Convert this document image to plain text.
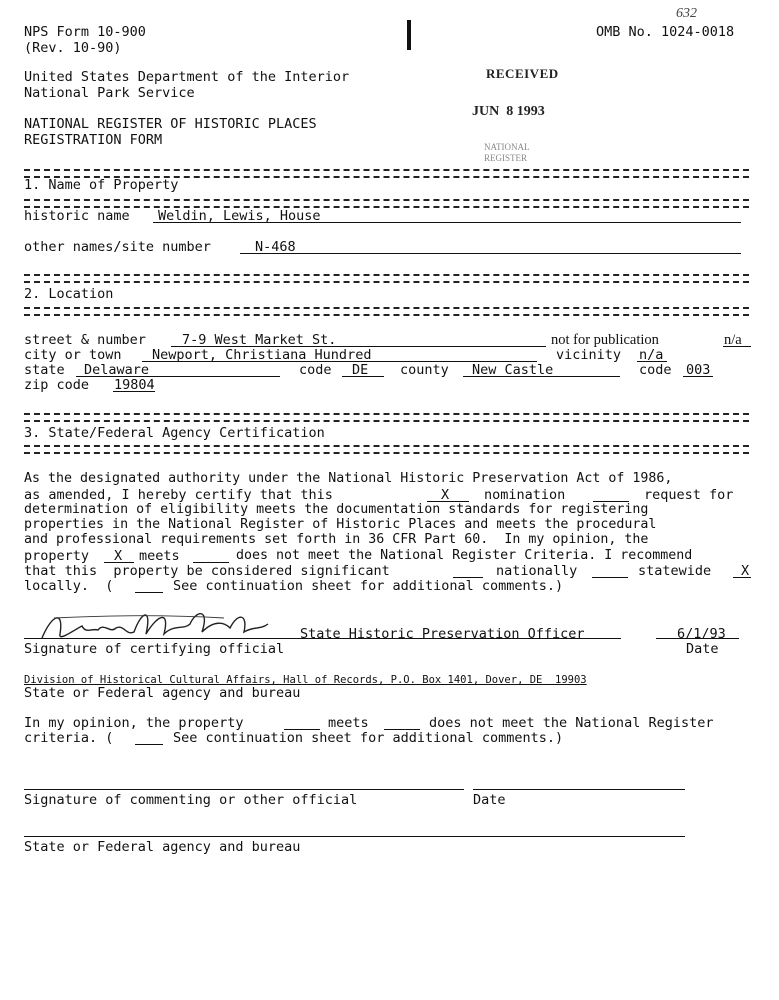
NPS Form 10-900
(Rev. 10-90)
OMB No. 1024-0018
632
United States Department of the Interior
National Park Service
NATIONAL REGISTER OF HISTORIC PLACES
REGISTRATION FORM
RECEIVED
JUN  8 1993
NATIONAL
REGISTER
1. Name of Property
historic name Weldin, Lewis, House
other names/site number	N-468
2. Location
street & number	7-9 West Market St.	not for publication	n/a
city or town Newport, Christiana Hundred	vicinity n/a
state Delaware	code DE county New Castle	code 003
zip code 19804
3. State/Federal Agency Certification
As the designated authority under the National Historic Preservation Act of 1986,
as amended, I hereby certify that this	X	nomination	request for
determination of eligibility meets the documentation standards for registering
properties in the National Register of Historic Places and meets the procedural
and professional requirements set forth in 36 CFR Part 60.  In my opinion, the
property X meets	does not meet the National Register Criteria. I recommend
that this  property be considered significant	nationally	statewide X
locally.  (	See continuation sheet for additional comments.)
State Historic Preservation Officer	6/1/93
Signature of certifying official	Date
Division of Historical Cultural Affairs, Hall of Records, P.O. Box 1401, Dover, DE  19903
State or Federal agency and bureau
In my opinion, the property	meets	does not meet the National Register
criteria. (	See continuation sheet for additional comments.)
Signature of commenting or other official	Date
State or Federal agency and bureau
